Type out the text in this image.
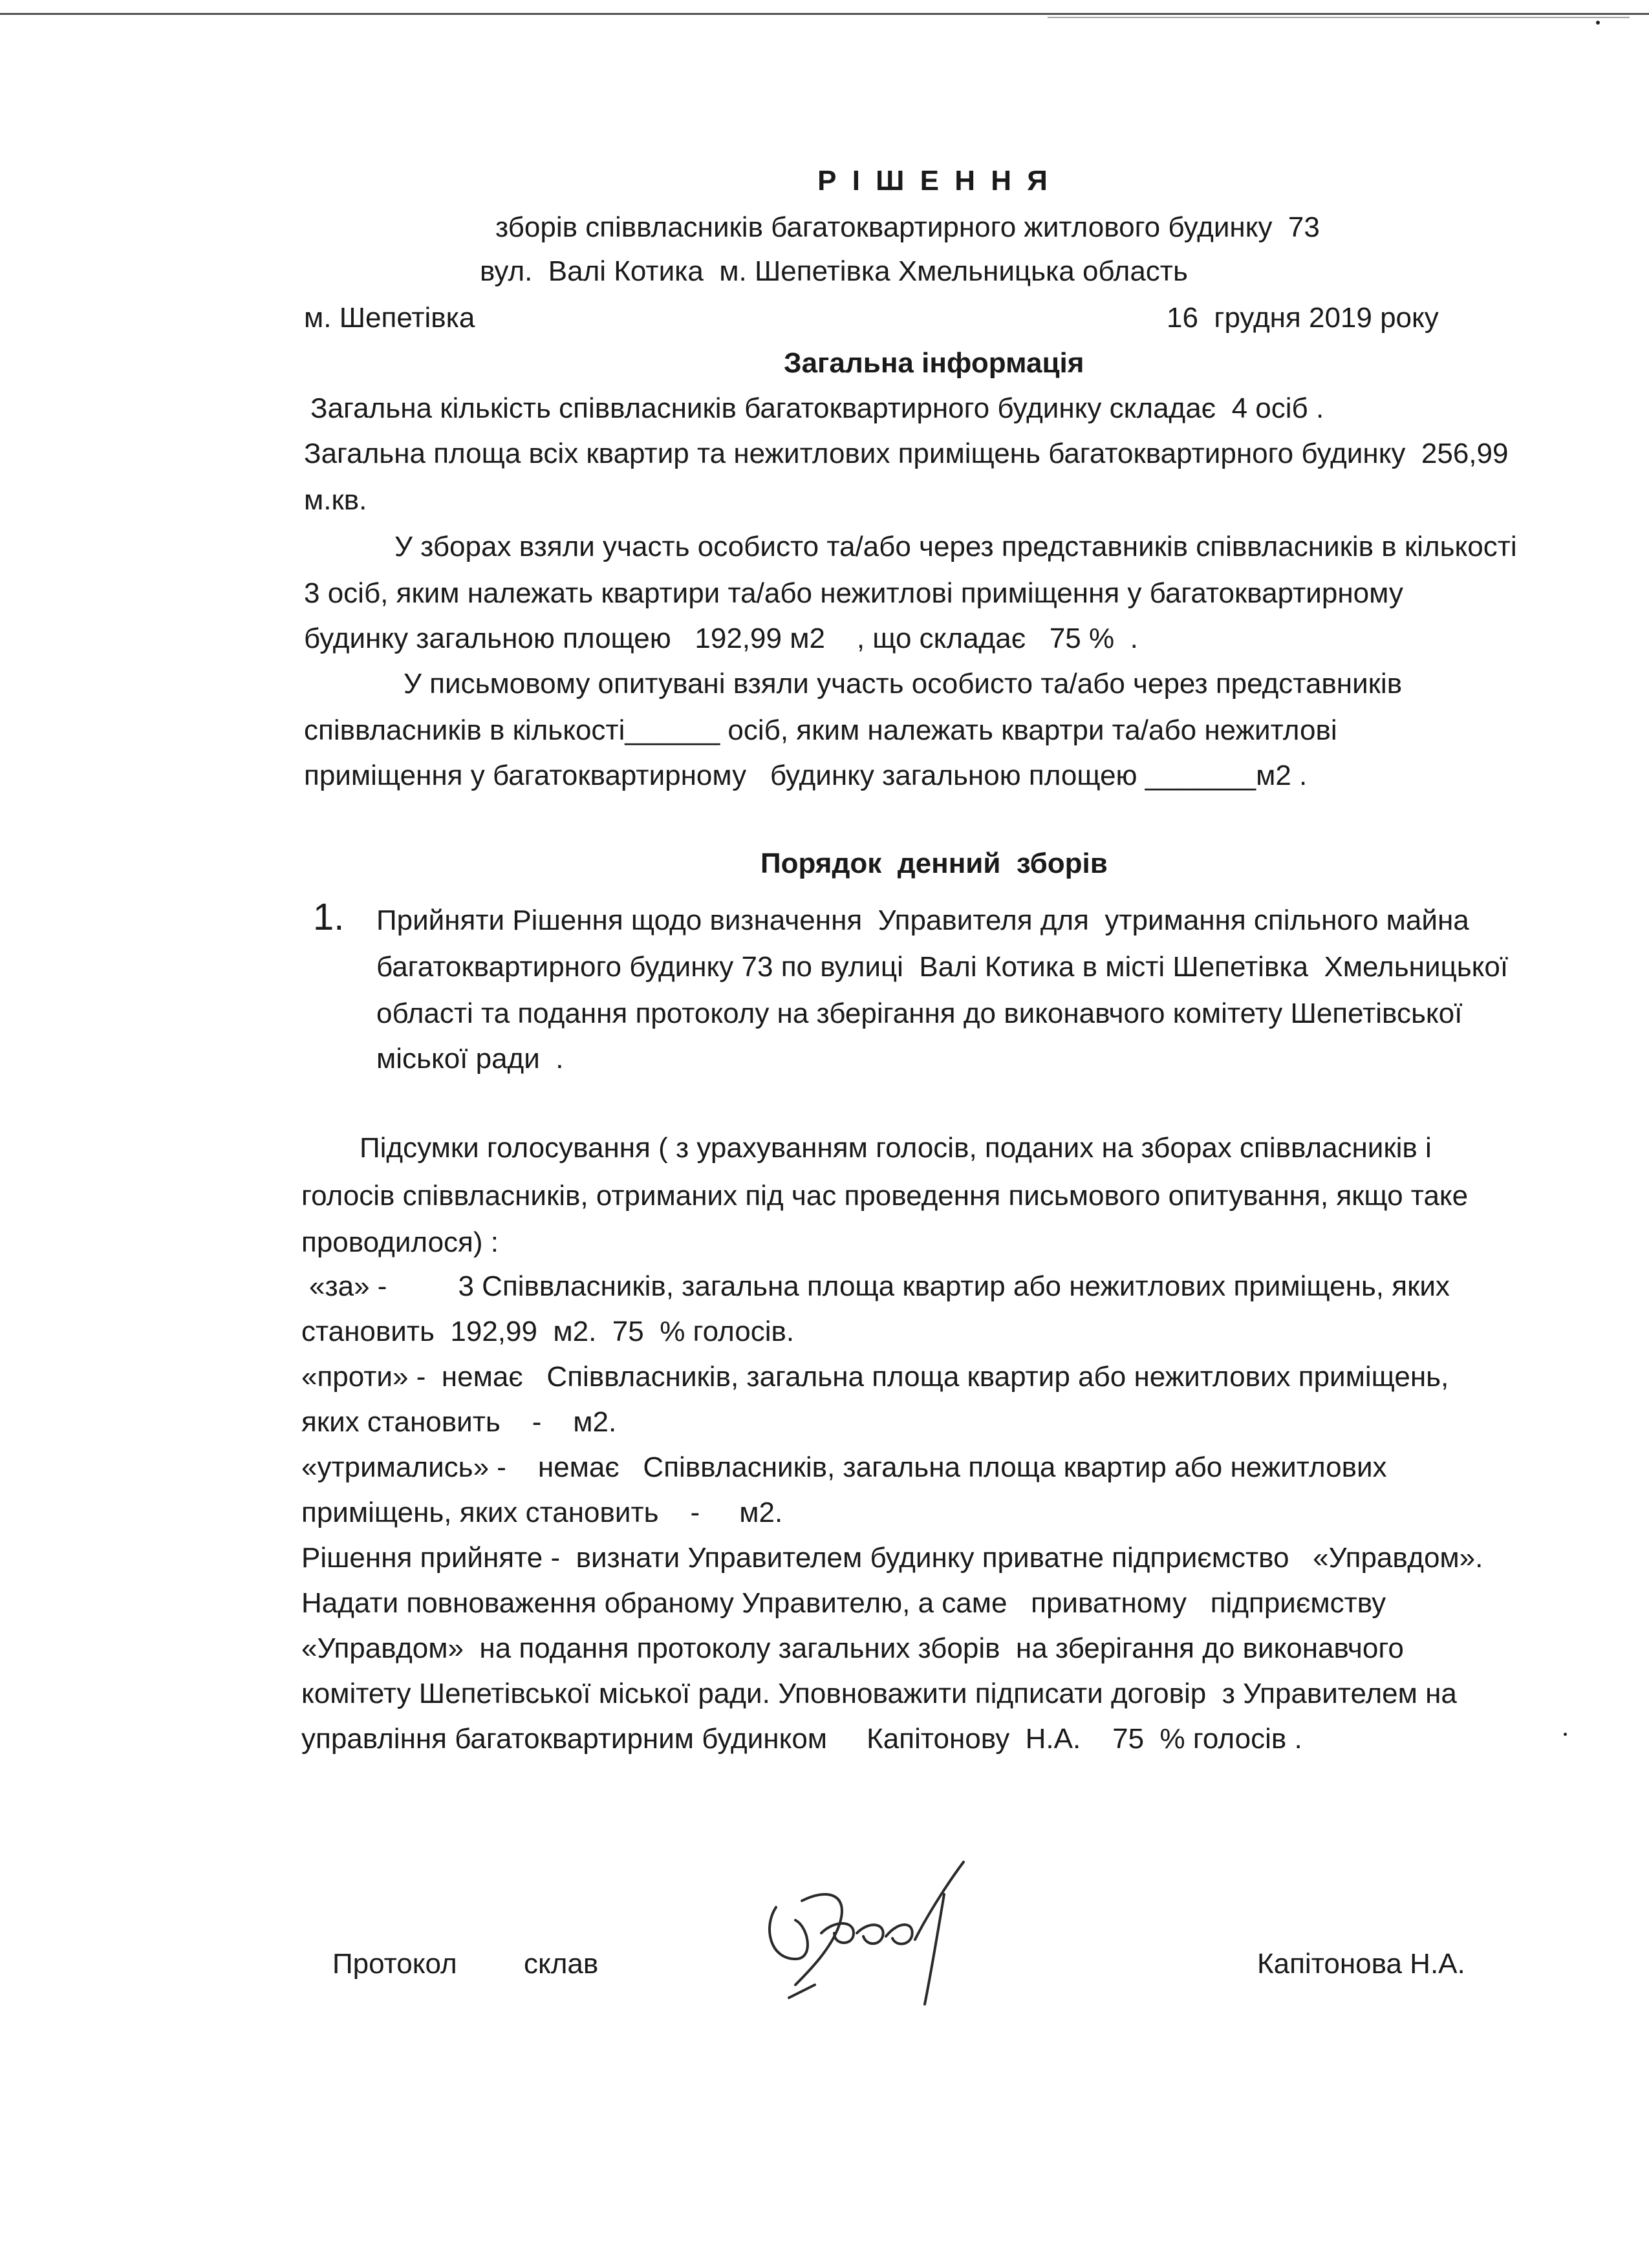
Р І Ш Е Н Н Я
зборів співвласників багатоквартирного житлового будинку  73
вул.  Валі Котика  м. Шепетівка Хмельницька область
м. Шепетівка	16  грудня 2019 року
Загальна інформація
Загальна кількість співвласників багатоквартирного будинку складає  4 осіб .
Загальна площа всіх квартир та нежитлових приміщень багатоквартирного будинку  256,99
м.кв.
У зборах взяли участь особисто та/або через представників співвласників в кількості
3 осіб, яким належать квартири та/або нежитлові приміщення у багатоквартирному
будинку загальною площею   192,99 м2    , що складає   75 %  .
У письмовому опитувані взяли участь особисто та/або через представників
співвласників в кількості______ осіб, яким належать квартри та/або нежитлові
приміщення у багатоквартирному   будинку загальною площею _______м2 .
Порядок  денний  зборів
1. Прийняти Рішення щодо визначення  Управителя для  утримання спільного майна
багатоквартирного будинку 73 по вулиці  Валі Котика в місті Шепетівка  Хмельницької
області та подання протоколу на зберігання до виконавчого комітету Шепетівської
міської ради  .
Підсумки голосування ( з урахуванням голосів, поданих на зборах співвласників і
голосів співвласників, отриманих під час проведення письмового опитування, якщо таке
проводилося) :
«за» -         3 Співвласників, загальна площа квартир або нежитлових приміщень, яких
становить  192,99  м2.  75  % голосів.
«проти» -  немає   Співвласників, загальна площа квартир або нежитлових приміщень,
яких становить    -    м2.
«утримались» -    немає   Співвласників, загальна площа квартир або нежитлових
приміщень, яких становить    -     м2.
Рішення прийняте -  визнати Управителем будинку приватне підприємство   «Управдом».
Надати повноваження обраному Управителю, а саме   приватному   підприємству
«Управдом»  на подання протоколу загальних зборів  на зберігання до виконавчого
комітету Шепетівської міської ради. Уповноважити підписати договір  з Управителем на
управління багатоквартирним будинком     Капітонову  Н.А.    75  % голосів .
Протокол склав	Капітонова Н.А.
